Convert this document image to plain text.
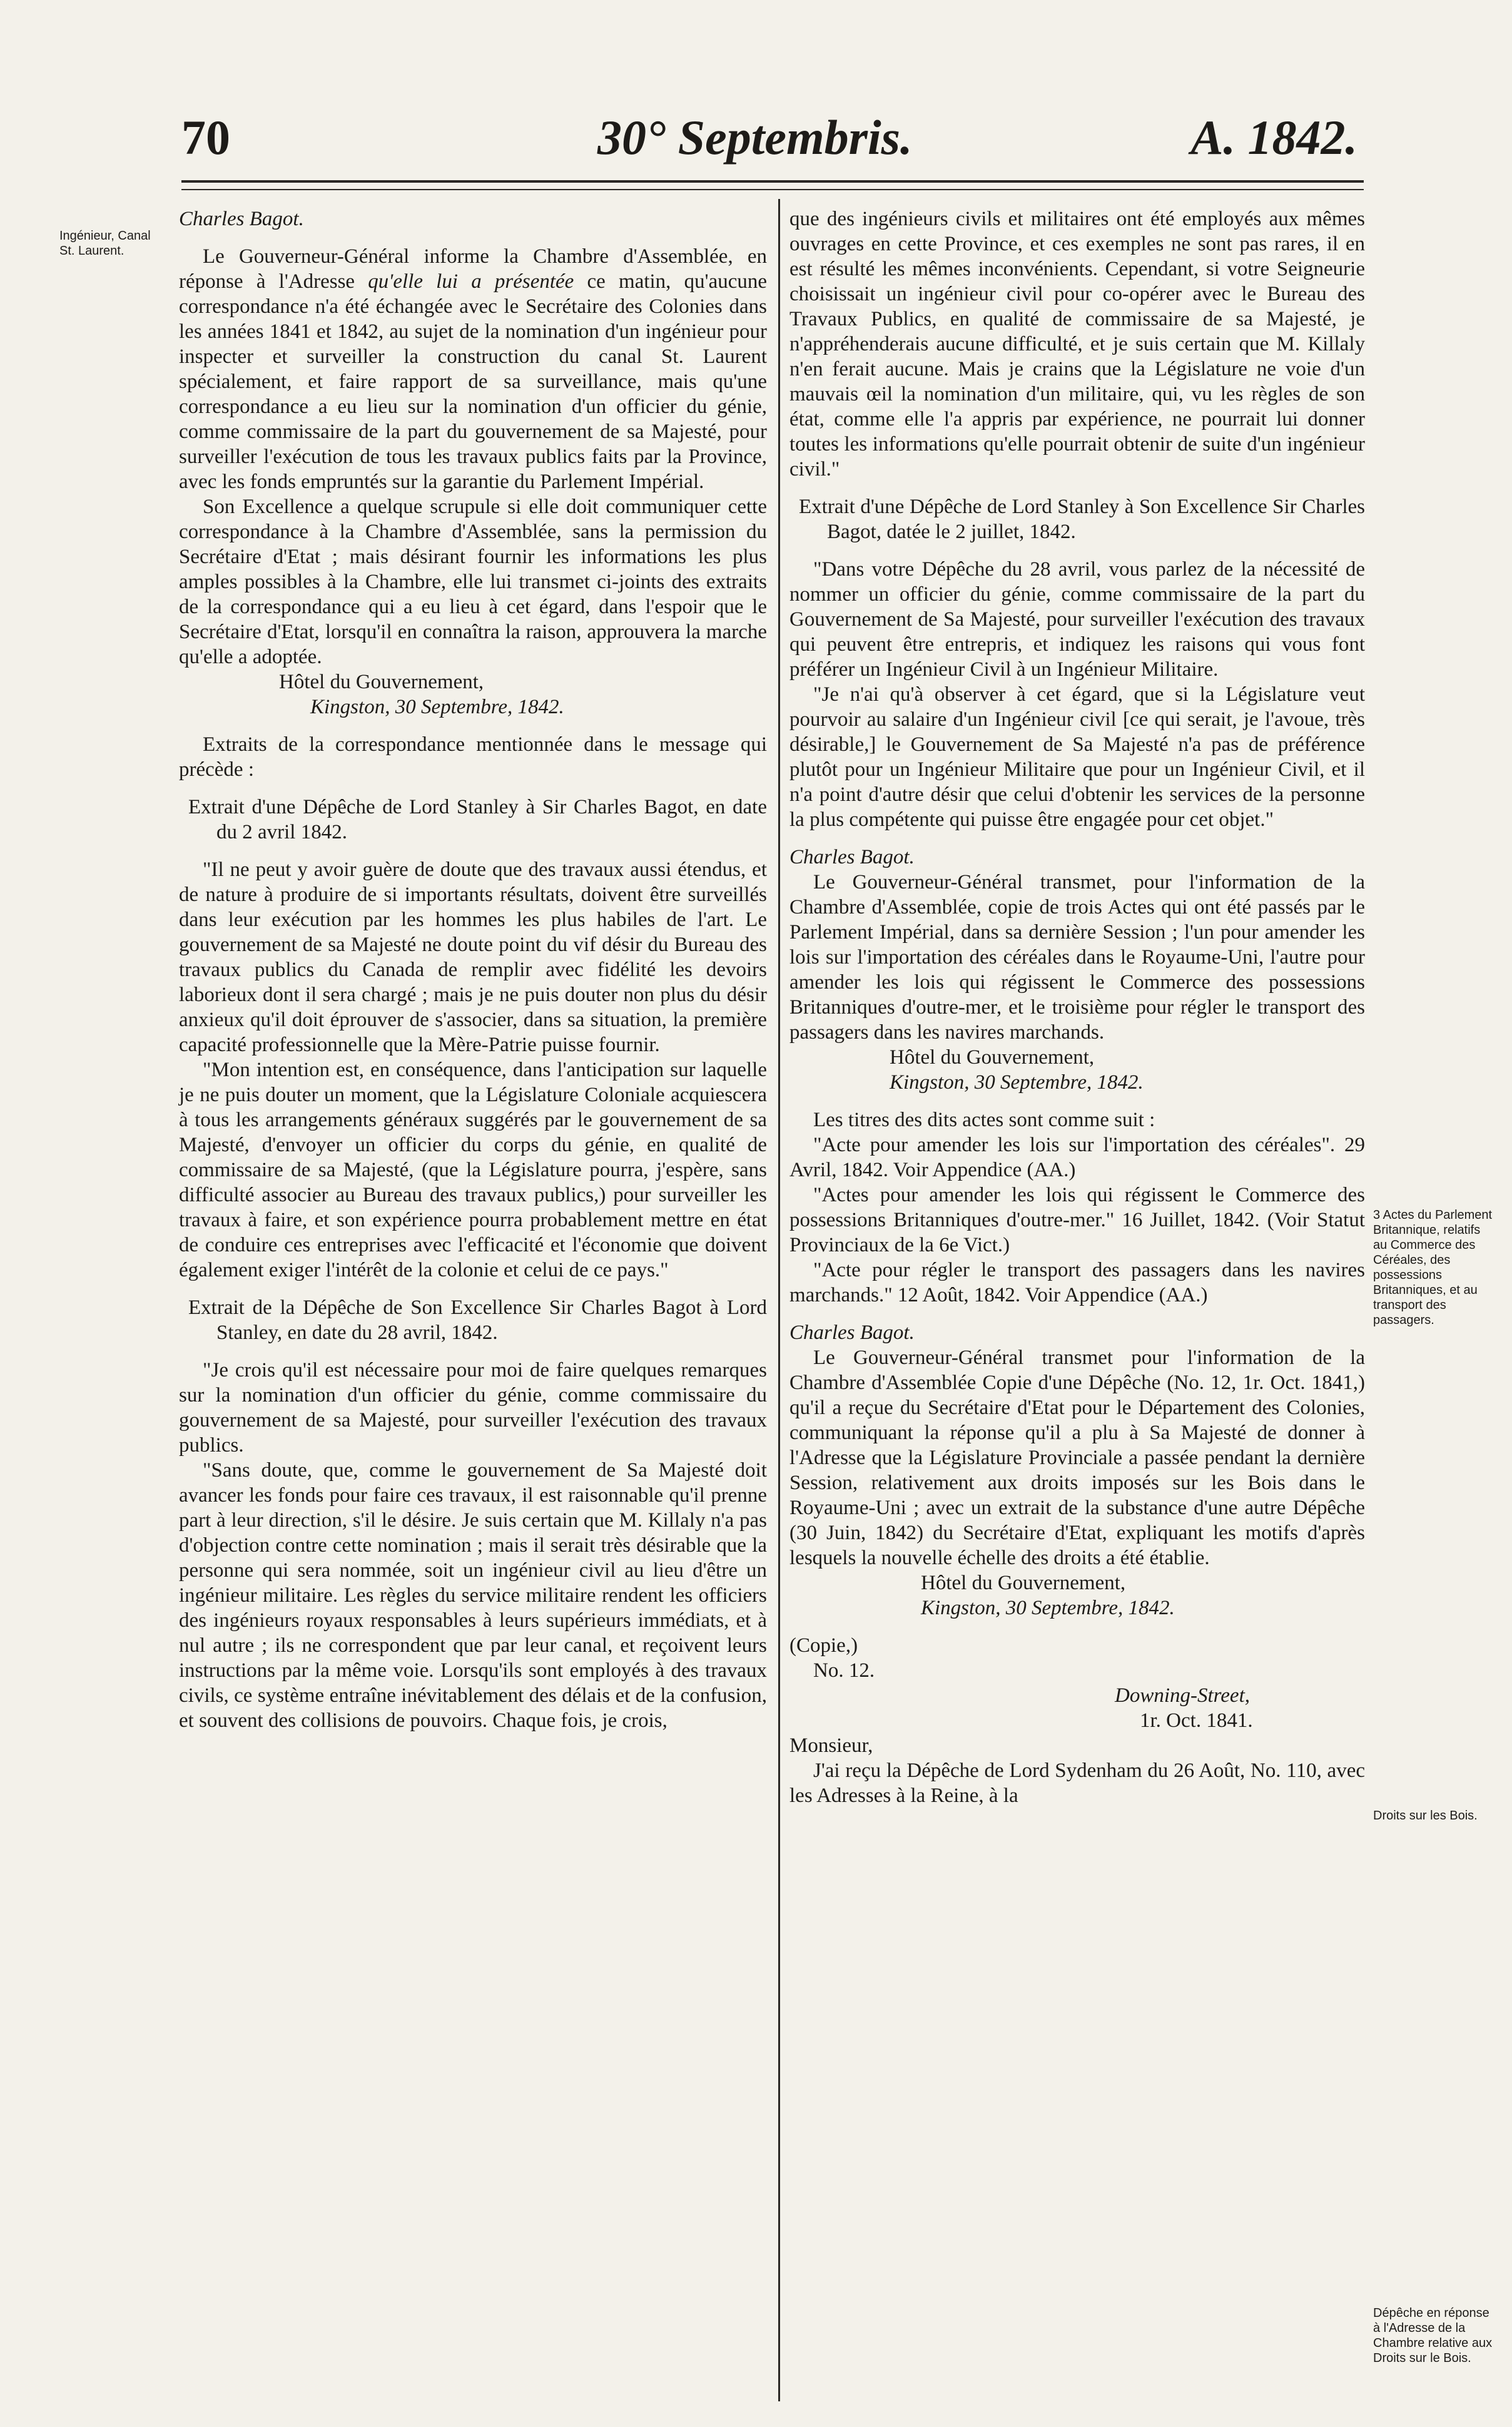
70	30° Septembris.	A. 1842.
Ingénieur, Canal St. Laurent.
3 Actes du Parlement Britannique, relatifs au Commerce des Céréales, des possessions Britanniques, et au transport des passagers.
Droits sur les Bois.
Dépêche en réponse à l'Adresse de la Chambre relative aux Droits sur le Bois.

Charles Bagot.

Le Gouverneur-Général informe la Chambre d'Assemblée, en réponse à l'Adresse qu'elle lui a présentée ce matin, qu'aucune correspondance n'a été échangée avec le Secrétaire des Colonies dans les années 1841 et 1842, au sujet de la nomination d'un ingénieur pour inspecter et surveiller la construction du canal St. Laurent spécialement, et faire rapport de sa surveillance, mais qu'une correspondance a eu lieu sur la nomination d'un officier du génie, comme commissaire de la part du gouvernement de sa Majesté, pour surveiller l'exécution de tous les travaux publics faits par la Province, avec les fonds empruntés sur la garantie du Parlement Impérial.

Son Excellence a quelque scrupule si elle doit communiquer cette correspondance à la Chambre d'Assemblée, sans la permission du Secrétaire d'Etat ; mais désirant fournir les informations les plus amples possibles à la Chambre, elle lui transmet ci-joints des extraits de la correspondance qui a eu lieu à cet égard, dans l'espoir que le Secrétaire d'Etat, lorsqu'il en connaîtra la raison, approuvera la marche qu'elle a adoptée.

Hôtel du Gouvernement,

Kingston, 30 Septembre, 1842.

Extraits de la correspondance mentionnée dans le message qui précède :

Extrait d'une Dépêche de Lord Stanley à Sir Charles Bagot, en date du 2 avril 1842.

"Il ne peut y avoir guère de doute que des travaux aussi étendus, et de nature à produire de si importants résultats, doivent être surveillés dans leur exécution par les hommes les plus habiles de l'art. Le gouvernement de sa Majesté ne doute point du vif désir du Bureau des travaux publics du Canada de remplir avec fidélité les devoirs laborieux dont il sera chargé ; mais je ne puis douter non plus du désir anxieux qu'il doit éprouver de s'associer, dans sa situation, la première capacité professionnelle que la Mère-Patrie puisse fournir.

"Mon intention est, en conséquence, dans l'anticipation sur laquelle je ne puis douter un moment, que la Législature Coloniale acquiescera à tous les arrangements généraux suggérés par le gouvernement de sa Majesté, d'envoyer un officier du corps du génie, en qualité de commissaire de sa Majesté, (que la Législature pourra, j'espère, sans difficulté associer au Bureau des travaux publics,) pour surveiller les travaux à faire, et son expérience pourra probablement mettre en état de conduire ces entreprises avec l'efficacité et l'économie que doivent également exiger l'intérêt de la colonie et celui de ce pays."

Extrait de la Dépêche de Son Excellence Sir Charles Bagot à Lord Stanley, en date du 28 avril, 1842.

"Je crois qu'il est nécessaire pour moi de faire quelques remarques sur la nomination d'un officier du génie, comme commissaire du gouvernement de sa Majesté, pour surveiller l'exécution des travaux publics.

"Sans doute, que, comme le gouvernement de Sa Majesté doit avancer les fonds pour faire ces travaux, il est raisonnable qu'il prenne part à leur direction, s'il le désire. Je suis certain que M. Killaly n'a pas d'objection contre cette nomination ; mais il serait très désirable que la personne qui sera nommée, soit un ingénieur civil au lieu d'être un ingénieur militaire. Les règles du service militaire rendent les officiers des ingénieurs royaux responsables à leurs supérieurs immédiats, et à nul autre ; ils ne correspondent que par leur canal, et reçoivent leurs instructions par la même voie. Lorsqu'ils sont employés à des travaux civils, ce système entraîne inévitablement des délais et de la confusion, et souvent des collisions de pouvoirs. Chaque fois, je crois,

que des ingénieurs civils et militaires ont été employés aux mêmes ouvrages en cette Province, et ces exemples ne sont pas rares, il en est résulté les mêmes inconvénients. Cependant, si votre Seigneurie choisissait un ingénieur civil pour co-opérer avec le Bureau des Travaux Publics, en qualité de commissaire de sa Majesté, je n'appréhenderais aucune difficulté, et je suis certain que M. Killaly n'en ferait aucune. Mais je crains que la Législature ne voie d'un mauvais œil la nomination d'un militaire, qui, vu les règles de son état, comme elle l'a appris par expérience, ne pourrait lui donner toutes les informations qu'elle pourrait obtenir de suite d'un ingénieur civil."

Extrait d'une Dépêche de Lord Stanley à Son Excellence Sir Charles Bagot, datée le 2 juillet, 1842.

"Dans votre Dépêche du 28 avril, vous parlez de la nécessité de nommer un officier du génie, comme commissaire de la part du Gouvernement de Sa Majesté, pour surveiller l'exécution des travaux qui peuvent être entrepris, et indiquez les raisons qui vous font préférer un Ingénieur Civil à un Ingénieur Militaire.

"Je n'ai qu'à observer à cet égard, que si la Législature veut pourvoir au salaire d'un Ingénieur civil [ce qui serait, je l'avoue, très désirable,] le Gouvernement de Sa Majesté n'a pas de préférence plutôt pour un Ingénieur Militaire que pour un Ingénieur Civil, et il n'a point d'autre désir que celui d'obtenir les services de la personne la plus compétente qui puisse être engagée pour cet objet."

Charles Bagot.

Le Gouverneur-Général transmet, pour l'information de la Chambre d'Assemblée, copie de trois Actes qui ont été passés par le Parlement Impérial, dans sa dernière Session ; l'un pour amender les lois sur l'importation des céréales dans le Royaume-Uni, l'autre pour amender les lois qui régissent le Commerce des possessions Britanniques d'outre-mer, et le troisième pour régler le transport des passagers dans les navires marchands.

Hôtel du Gouvernement,

Kingston, 30 Septembre, 1842.

Les titres des dits actes sont comme suit :

"Acte pour amender les lois sur l'importation des céréales". 29 Avril, 1842. Voir Appendice (AA.)

"Actes pour amender les lois qui régissent le Commerce des possessions Britanniques d'outre-mer." 16 Juillet, 1842. (Voir Statut Provinciaux de la 6e Vict.)

"Acte pour régler le transport des passagers dans les navires marchands." 12 Août, 1842. Voir Appendice (AA.)

Charles Bagot.

Le Gouverneur-Général transmet pour l'information de la Chambre d'Assemblée Copie d'une Dépêche (No. 12, 1r. Oct. 1841,) qu'il a reçue du Secrétaire d'Etat pour le Département des Colonies, communiquant la réponse qu'il a plu à Sa Majesté de donner à l'Adresse que la Législature Provinciale a passée pendant la dernière Session, relativement aux droits imposés sur les Bois dans le Royaume-Uni ; avec un extrait de la substance d'une autre Dépêche (30 Juin, 1842) du Secrétaire d'Etat, expliquant les motifs d'après lesquels la nouvelle échelle des droits a été établie.

Hôtel du Gouvernement,

Kingston, 30 Septembre, 1842.

(Copie,)

No. 12.

Downing-Street,

1r. Oct. 1841.

Monsieur,

J'ai reçu la Dépêche de Lord Sydenham du 26 Août, No. 110, avec les Adresses à la Reine, à la
